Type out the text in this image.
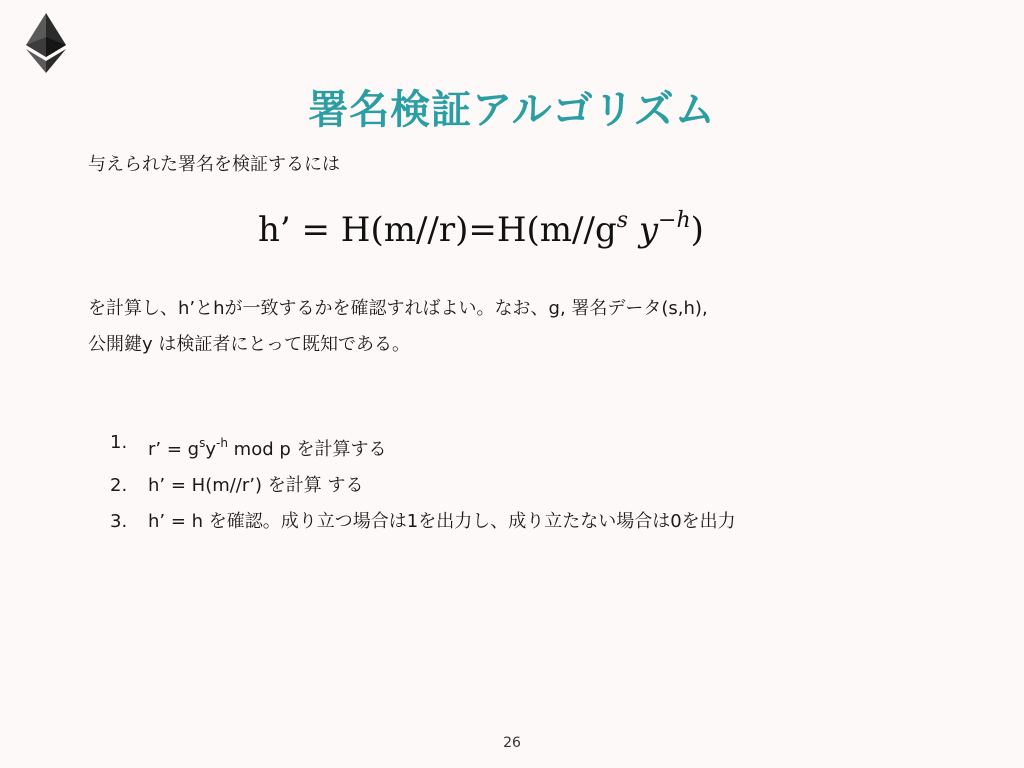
署名検証アルゴリズム
与えられた署名を検証するには
h’ = $H(m//r)=H(m//g^s$ $y^{-h}$)
を計算し、h’とhが一致するかを確認すればよい。なお、g, 署名データ(s,h),
公開鍵y は検証者にとって既知である。
1.	r’ = $g^sy^{-h}$ mod p を計算する
2.	h’ = H(m//r’) を計算 する
3.	h’ = h を確認。成り立つ場合は1を出力し、成り立たない場合は0を出力
26
